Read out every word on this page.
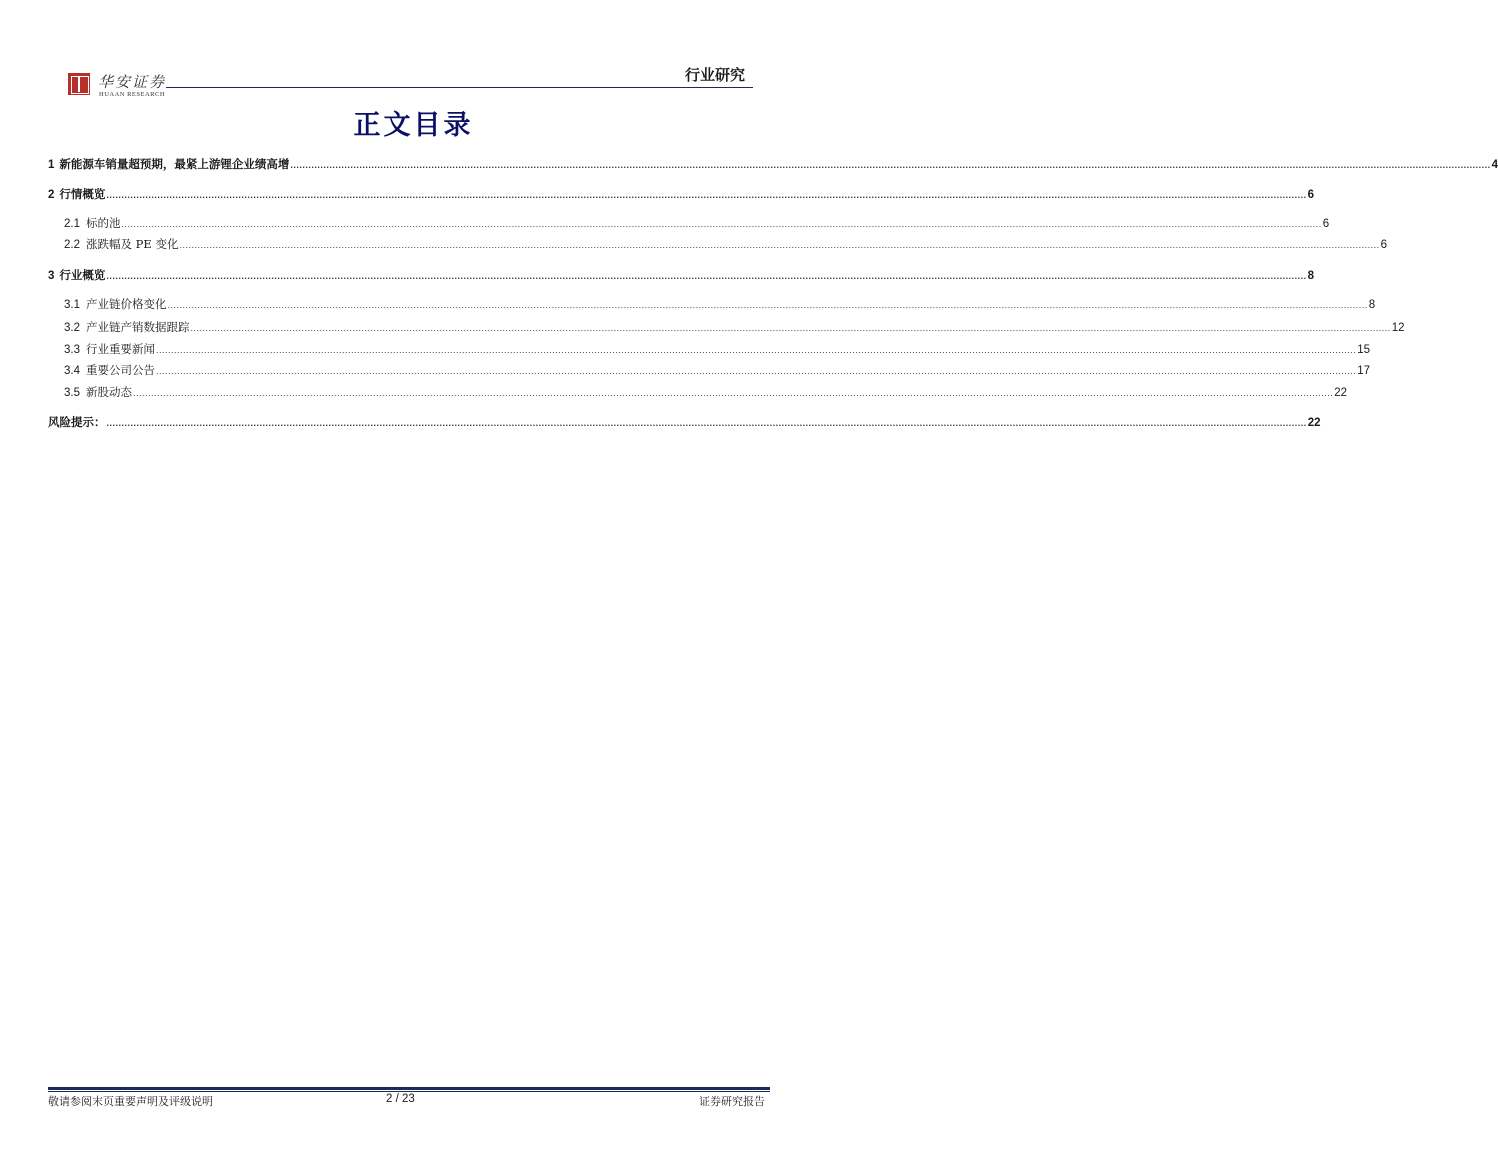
华安证券
HUAAN RESEARCH
行业研究
正文目录
1 新能源车销量超预期，最紧上游锂企业绩高增 ................................................................................................................................................................................................................................................................................................................................................................................................................ 4
2 行情概览 ................................................................................................................................................................................................................................................................................................................................................................................................................ 6
2.1 标的池 ................................................................................................................................................................................................................................................................................................................................................................................................................ 6
2.2 涨跌幅及 PE 变化 ................................................................................................................................................................................................................................................................................................................................................................................................................ 6
3 行业概览 ................................................................................................................................................................................................................................................................................................................................................................................................................ 8
3.1 产业链价格变化 ................................................................................................................................................................................................................................................................................................................................................................................................................ 8
3.2 产业链产销数据跟踪 ................................................................................................................................................................................................................................................................................................................................................................................................................ 12
3.3 行业重要新闻 ................................................................................................................................................................................................................................................................................................................................................................................................................ 15
3.4 重要公司公告 ................................................................................................................................................................................................................................................................................................................................................................................................................ 17
3.5 新股动态 ................................................................................................................................................................................................................................................................................................................................................................................................................ 22
风险提示： ................................................................................................................................................................................................................................................................................................................................................................................................................ 22
敬请参阅末页重要声明及评级说明	2 / 23	证券研究报告
